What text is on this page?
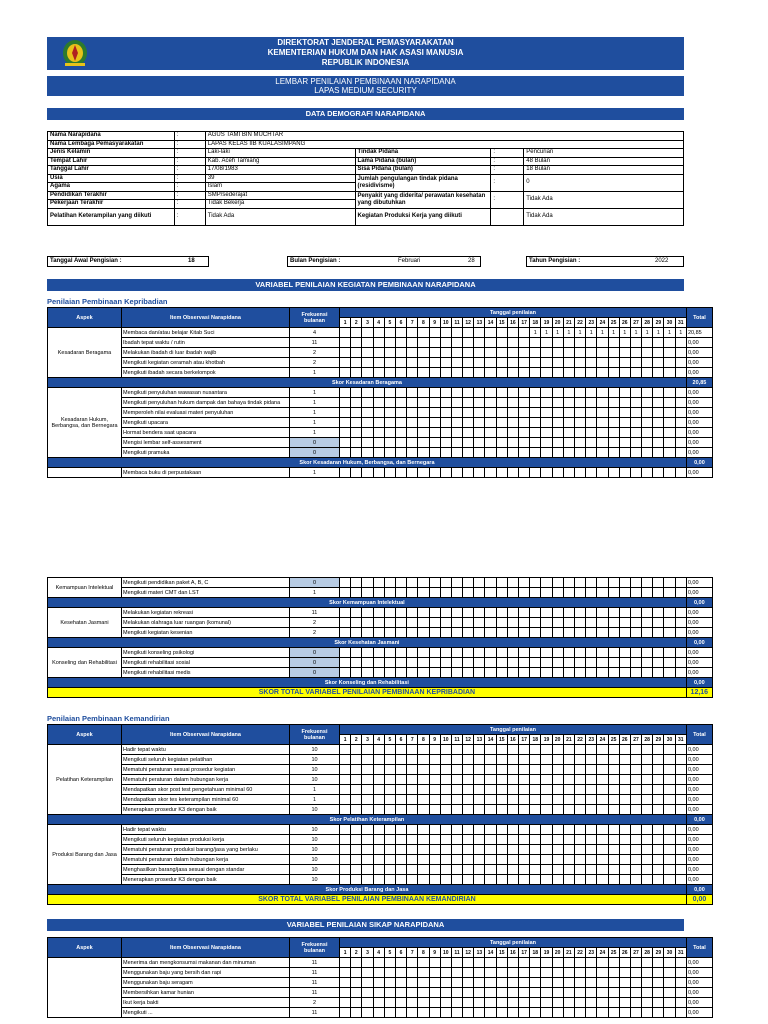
DIREKTORAT JENDERAL PEMASYARAKATAN
KEMENTERIAN HUKUM DAN HAK ASASI MANUSIA
REPUBLIK INDONESIA
LEMBAR PENILAIAN PEMBINAAN NARAPIDANA
LAPAS MEDIUM SECURITY
DATA DEMOGRAFI NARAPIDANA
Nama Narapidana	:	AGUS TAMI BIN MUCHTAR			
Nama Lembaga Pemasyarakatan	:	LAPAS KELAS IIB KUALASIMPANG			
Jenis Kelamin	:	Laki-laki	Tindak Pidana	:	Pencurian
Tempat Lahir	:	Kab. Aceh Tamiang	Lama Pidana (bulan)	:	48 Bulan
Tanggal Lahir	:	17/08/1983	Sisa Pidana (bulan)	:	18 Bulan
Usia	:	39	Jumlah pengulangan tindak pidana (residivisme)	:	0
Agama	:	Islam			
Pendidikan Terakhir	:	SMP/sederajat	Penyakit yang diderita/ perawatan kesehatan yang dibutuhkan	:	Tidak Ada
Pekerjaan Terakhir	:	Tidak Bekerja			
Pelatihan Keterampilan yang diikuti	:	Tidak Ada	Kegiatan Produksi Kerja yang diikuti		Tidak Ada
Tanggal Awal Pengisian :	18	Bulan Pengisian :	Februari	28	Tahun Pengisian :	2022
VARIABEL PENILAIAN KEGIATAN PEMBINAAN NARAPIDANA
Penilaian Pembinaan Kepribadian
Aspek	Item Observasi Narapidana	Frekuensi bulanan	Tanggal penilaian																															Total
			1	2	3	4	5	6	7	8	9	10	11	12	13	14	15	16	17	18	19	20	21	22	23	24	25	26	27	28	29	30	31	
Kesadaran Beragama	Membaca dan/atau belajar Kitab Suci	4																		1	1	1	1	1	1	1	1	1	1	1	1	1	1	20,85
	Ibadah tepat waktu / rutin	11																																0,00
	Melakukan ibadah di luar ibadah wajib	2																																0,00
	Mengikuti kegiatan ceramah atau khotbah	2																																0,00
	Mengikuti ibadah secara berkelompok	1																																0,00
Skor Kesadaran Beragama																																		20,85
Kesadaran Hukum, Berbangsa, dan Bernegara	Mengikuti penyuluhan wawasan nusantara	1																																0,00
	Mengikuti penyuluhan hukum dampak dan bahaya tindak pidana	1																																0,00
	Memperoleh nilai evaluasi materi penyuluhan	1																																0,00
	Mengikuti upacara	1																																0,00
	Hormat bendera saat upacara	1																																0,00
	Mengisi lembar self-assessment	0																																0,00
	Mengikuti pramuka	0																																0,00
Skor Kesadaran Hukum, Berbangsa, dan Bernegara																																		0,00
	Membaca buku di perpustakaan	1																																0,00
Kemampuan Intelektual	Mengikuti pendidikan paket A, B, C	0																																0,00
	Mengikuti materi CMT dan LST	1																																0,00
Skor Kemampuan Intelektual																																		0,00
Kesehatan Jasmani	Melakukan kegiatan rekreasi	11																																0,00
	Melakukan olahraga luar ruangan (komunal)	2																																0,00
	Mengikuti kegiatan kesenian	2																																0,00
Skor Kesehatan Jasmani																																		0,00
Konseling dan Rehabilitasi	Mengikuti konseling psikologi	0																																0,00
	Mengikuti rehabilitasi sosial	0																																0,00
	Mengikuti rehabilitasi medis	0																																0,00
Skor Konseling dan Rehabilitasi																																		0,00
SKOR TOTAL VARIABEL PENILAIAN PEMBINAAN KEPRIBADIAN																																		12,16
Penilaian Pembinaan Kemandirian
Aspek	Item Observasi Narapidana	Frekuensi bulanan	Tanggal penilaian																															Total
			1	2	3	4	5	6	7	8	9	10	11	12	13	14	15	16	17	18	19	20	21	22	23	24	25	26	27	28	29	30	31	
Pelatihan Keterampilan	Hadir tepat waktu	10																																0,00
	Mengikuti seluruh kegiatan pelatihan	10																																0,00
	Mematuhi peraturan sesuai prosedur kegiatan	10																																0,00
	Mematuhi peraturan dalam hubungan kerja	10																																0,00
	Mendapatkan skor post test pengetahuan minimal 60	1																																0,00
	Mendapatkan skor tes keterampilan minimal 60	1																																0,00
	Menerapkan prosedur K3 dengan baik	10																																0,00
Skor Pelatihan Keterampilan																																		0,00
Produksi Barang dan Jasa	Hadir tepat waktu	10																																0,00
	Mengikuti seluruh kegiatan produksi kerja	10																																0,00
	Mematuhi peraturan produksi barang/jasa yang berlaku	10																																0,00
	Mematuhi peraturan dalam hubungan kerja	10																																0,00
	Menghasilkan barang/jasa sesuai dengan standar	10																																0,00
	Menerapkan prosedur K3 dengan baik	10																																0,00
Skor Produksi Barang dan Jasa																																		0,00
SKOR TOTAL VARIABEL PENILAIAN PEMBINAAN KEMANDIRIAN																																		0,00
VARIABEL PENILAIAN SIKAP NARAPIDANA
Aspek	Item Observasi Narapidana	Frekuensi bulanan	Tanggal penilaian																															Total
			1	2	3	4	5	6	7	8	9	10	11	12	13	14	15	16	17	18	19	20	21	22	23	24	25	26	27	28	29	30	31	
	Menerima dan mengkonsumsi makanan dan minuman	11																																0,00
	Menggunakan baju yang bersih dan rapi	11																																0,00
	Menggunakan baju seragam	11																																0,00
	Membersihkan kamar hunian	11																																0,00
	Ikut kerja bakti	2																																0,00
	Mengikuti ...	11																																0,00
